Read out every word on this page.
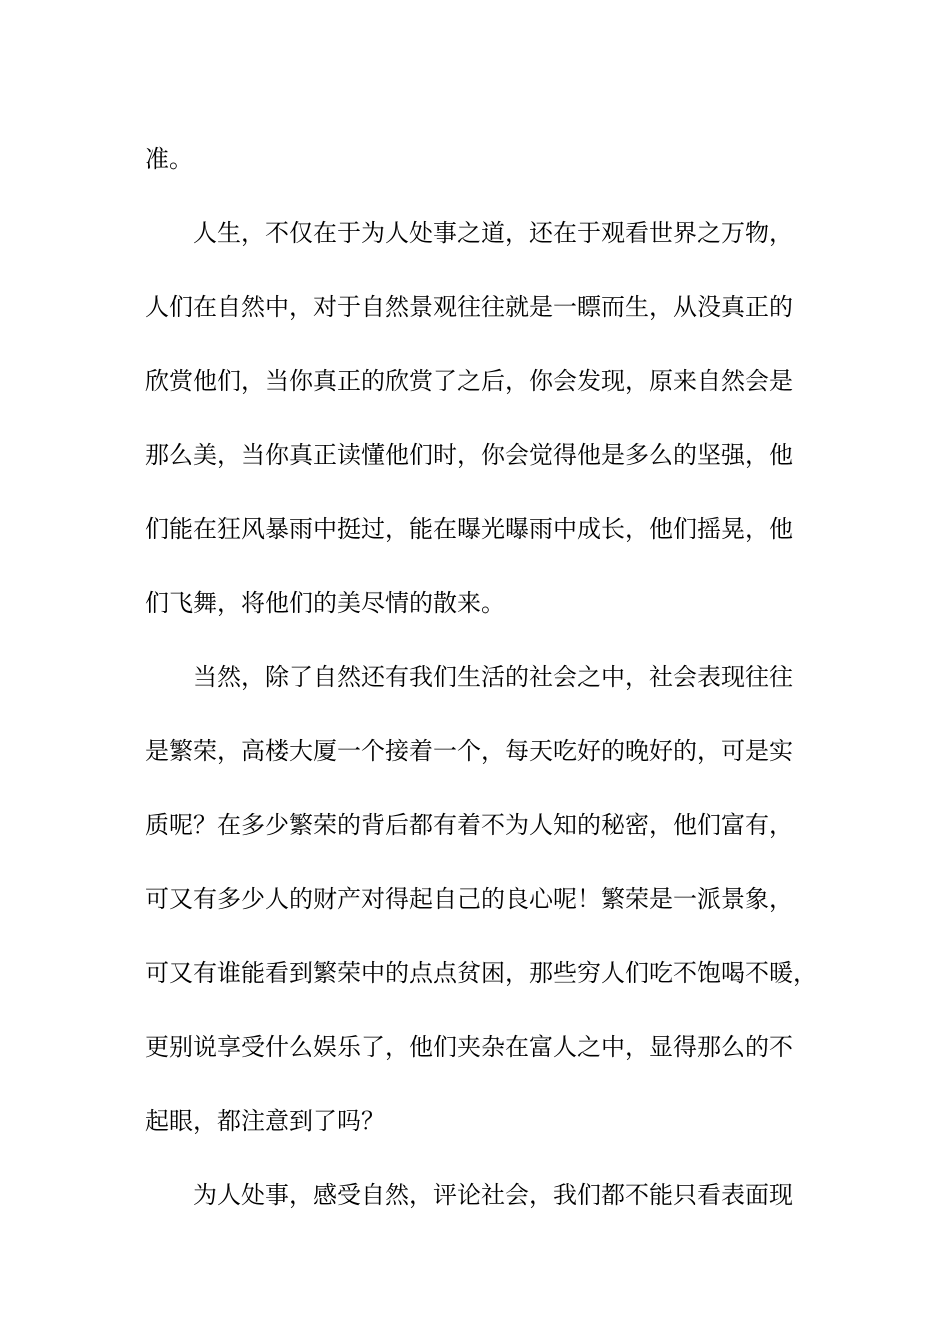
准。
人生，不仅在于为人处事之道，还在于观看世界之万物，
人们在自然中，对于自然景观往往就是一瞟而生，从没真正的
欣赏他们，当你真正的欣赏了之后，你会发现，原来自然会是
那么美，当你真正读懂他们时，你会觉得他是多么的坚强，他
们能在狂风暴雨中挺过，能在曝光曝雨中成长，他们摇晃，他
们飞舞，将他们的美尽情的散来。
当然，除了自然还有我们生活的社会之中，社会表现往往
是繁荣，高楼大厦一个接着一个，每天吃好的晚好的，可是实
质呢？在多少繁荣的背后都有着不为人知的秘密，他们富有，
可又有多少人的财产对得起自己的良心呢！繁荣是一派景象，
可又有谁能看到繁荣中的点点贫困，那些穷人们吃不饱喝不暖，
更别说享受什么娱乐了，他们夹杂在富人之中，显得那么的不
起眼，都注意到了吗？
为人处事，感受自然，评论社会，我们都不能只看表面现
